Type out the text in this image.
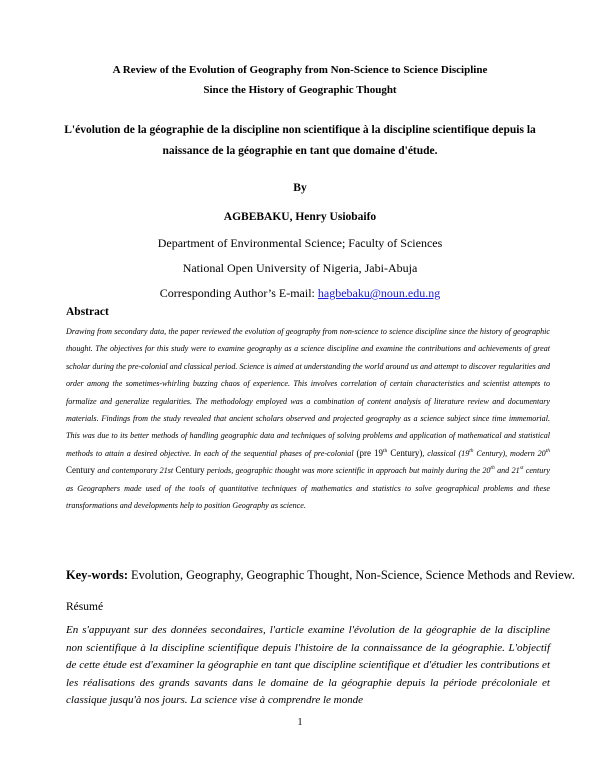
A Review of the Evolution of Geography from Non-Science to Science Discipline
Since the History of Geographic Thought
L'évolution de la géographie de la discipline non scientifique à la discipline scientifique depuis la
naissance de la géographie en tant que domaine d'étude.
By
AGBEBAKU, Henry Usiobaifo
Department of Environmental Science; Faculty of Sciences
National Open University of Nigeria, Jabi-Abuja
Corresponding Author’s E-mail: hagbebaku@noun.edu.ng
Abstract
Drawing from secondary data, the paper reviewed the evolution of geography from non-science to science discipline since the history of geographic thought. The objectives for this study were to examine geography as a science discipline and examine the contributions and achievements of great scholar during the pre-colonial and classical period. Science is aimed at understanding the world around us and attempt to discover regularities and order among the sometimes-whirling buzzing chaos of experience. This involves correlation of certain characteristics and scientist attempts to formalize and generalize regularities. The methodology employed was a combination of content analysis of literature review and documentary materials. Findings from the study revealed that ancient scholars observed and projected geography as a science subject since time immemorial. This was due to its better methods of handling geographic data and techniques of solving problems and application of mathematical and statistical methods to attain a desired objective. In each of the sequential phases of pre-colonial (pre 19th Century), classical (19th Century), modern 20th Century and contemporary 21st Century periods, geographic thought was more scientific in approach but mainly during the 20th and 21st century as Geographers made used of the tools of quantitative techniques of mathematics and statistics to solve geographical problems and these transformations and developments help to position Geography as science.
Key-words: Evolution, Geography, Geographic Thought, Non-Science, Science Methods and Review.
Résumé
En s'appuyant sur des données secondaires, l'article examine l'évolution de la géographie de la discipline non scientifique à la discipline scientifique depuis l'histoire de la connaissance de la géographie. L'objectif de cette étude est d'examiner la géographie en tant que discipline scientifique et d'étudier les contributions et les réalisations des grands savants dans le domaine de la géographie depuis la période précoloniale et classique jusqu'à nos jours. La science vise à comprendre le monde
1
